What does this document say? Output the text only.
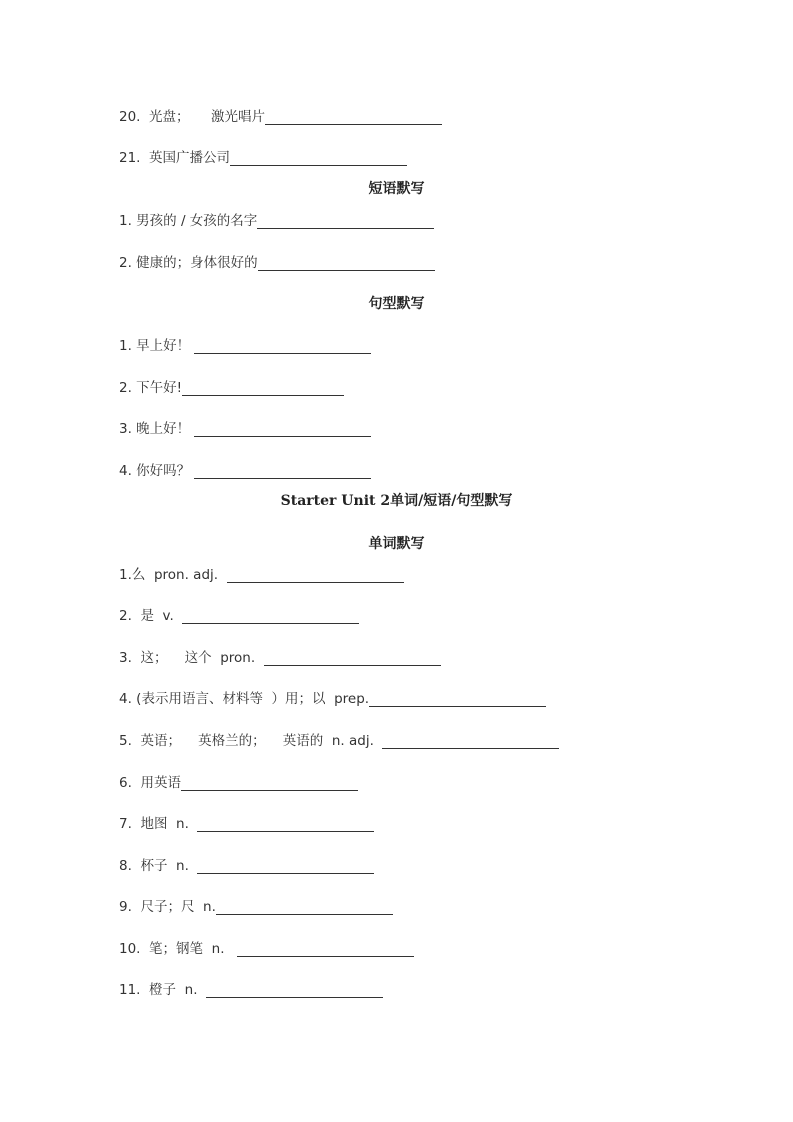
20.  光盘；     激光唱片
21.  英国广播公司
短语默写
1. 男孩的 / 女孩的名字
2. 健康的；身体很好的
句型默写
1. 早上好！
2. 下午好!
3. 晚上好！
4. 你好吗？
Starter Unit 2单词/短语/句型默写
单词默写
1.么  pron. adj.
2.  是  v.
3.  这；    这个  pron.
4. (表示用语言、材料等  ）用；以  prep.
5.  英语；    英格兰的；    英语的  n. adj.
6.  用英语
7.  地图  n.
8.  杯子  n.
9.  尺子；尺  n.
10.  笔；钢笔  n.
11.  橙子  n.
